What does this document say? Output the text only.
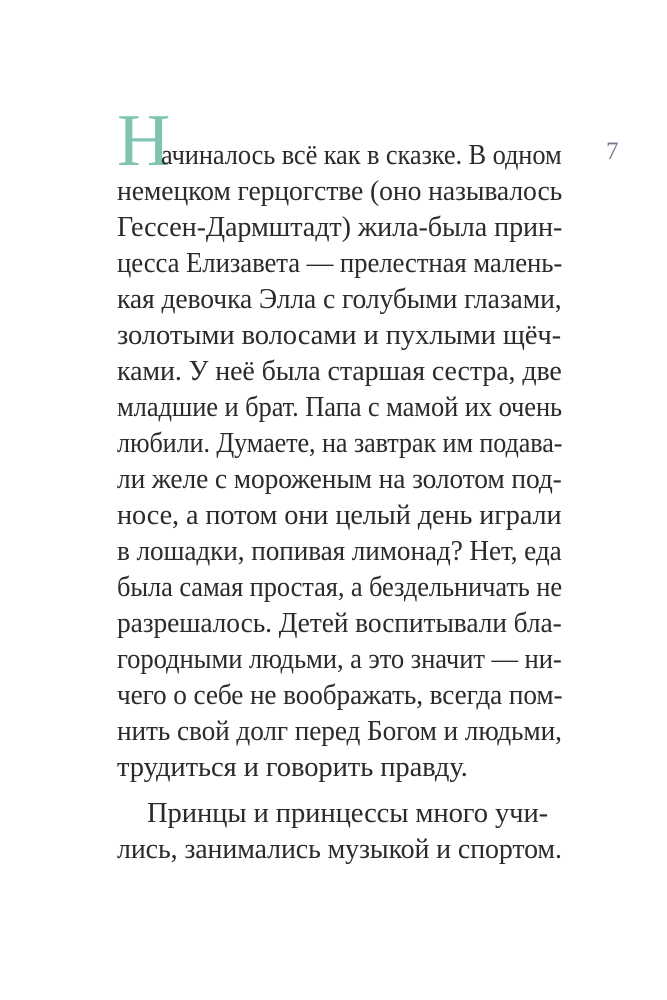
7
Н
ачиналось всё как в сказке. В одном
немецком герцогстве (оно называлось
Гессен-Дармштадт) жила-была прин-
цесса Елизавета — прелестная малень-
кая девочка Элла с голубыми глазами,
золотыми волосами и пухлыми щёч-
ками. У неё была старшая сестра, две
младшие и брат. Папа с мамой их очень
любили. Думаете, на завтрак им подава-
ли желе с мороженым на золотом под-
носе, а потом они целый день играли
в лошадки, попивая лимонад? Нет, еда
была самая простая, а бездельничать не
разрешалось. Детей воспитывали бла-
городными людьми, а это значит — ни-
чего о себе не воображать, всегда пом-
нить свой долг перед Богом и людьми,
трудиться и говорить правду.
Принцы и принцессы много учи-
лись, занимались музыкой и спортом.
